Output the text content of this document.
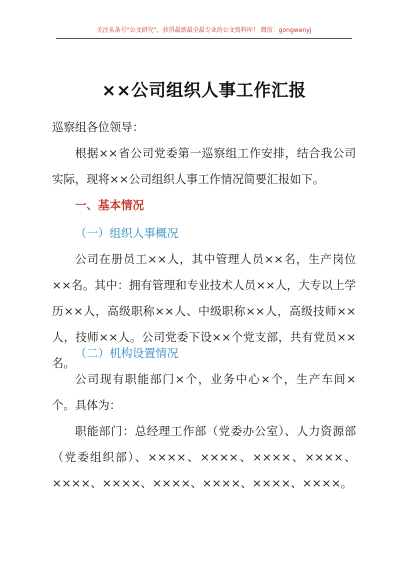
关注头条号“公文研究”，获得最新最全最专业的公文资料库！ 微信：gongwenyj
××公司组织人事工作汇报
巡察组各位领导：
根据××省公司党委第一巡察组工作安排，结合我公司实际，现将××公司组织人事工作情况简要汇报如下。
一、基本情况
（一）组织人事概况
公司在册员工××人，其中管理人员××名，生产岗位××名。其中：拥有管理和专业技术人员××人，大专以上学历××人，高级职称××人、中级职称××人，高级技师××人，技师××人。公司党委下设××个党支部，共有党员××名。
（二）机构设置情况
公司现有职能部门×个，业务中心×个，生产车间×个。具体为：
职能部门：总经理工作部（党委办公室）、人力资源部（党委组织部）、××××、××××、××××、××××、××××、××××、××××、××××、××××、××××。
